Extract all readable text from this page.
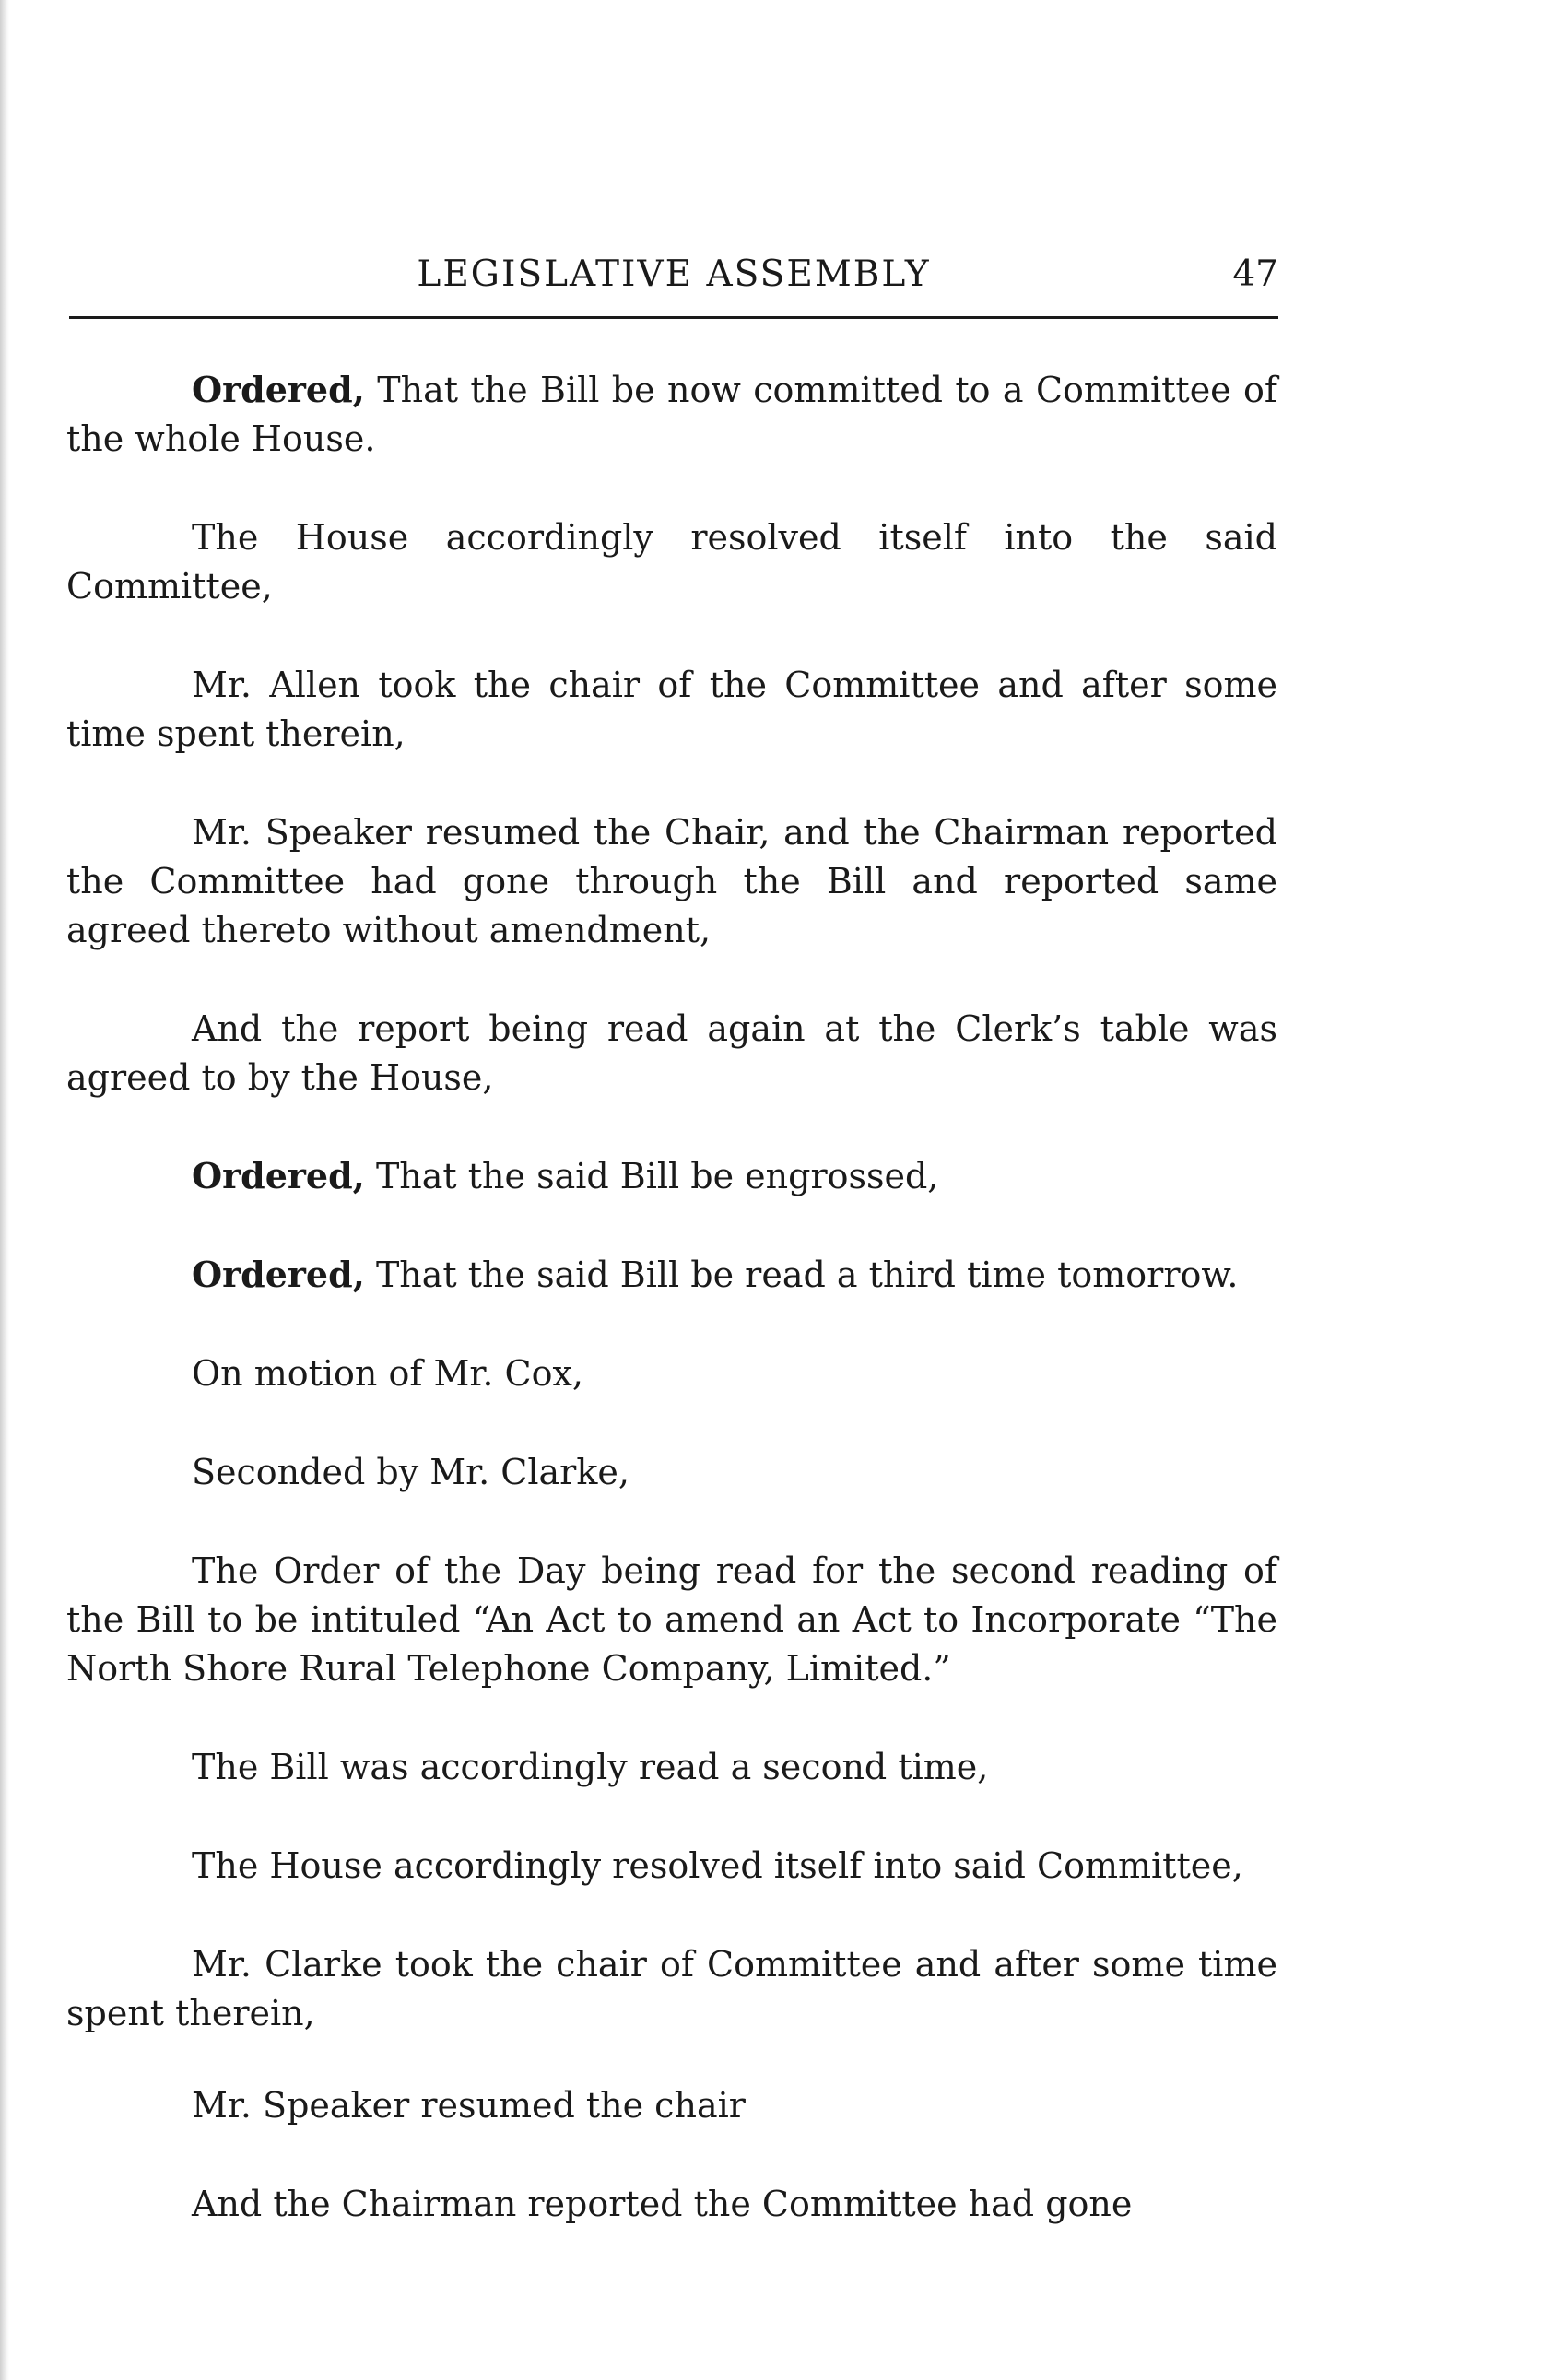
LEGISLATIVE ASSEMBLY	47

Ordered, That the Bill be now committed to a Committee of the whole House.

The House accordingly resolved itself into the said Committee,

Mr. Allen took the chair of the Committee and after some time spent therein,

Mr. Speaker resumed the Chair, and the Chairman reported the Committee had gone through the Bill and reported same agreed thereto without amendment,

And the report being read again at the Clerk’s table was agreed to by the House,

Ordered, That the said Bill be engrossed,

Ordered, That the said Bill be read a third time tomorrow.

On motion of Mr. Cox,

Seconded by Mr. Clarke,

The Order of the Day being read for the second reading of the Bill to be intituled “An Act to amend an Act to Incorporate “The North Shore Rural Telephone Company, Limited.”

The Bill was accordingly read a second time,

The House accordingly resolved itself into said Committee,

Mr. Clarke took the chair of Committee and after some time spent therein,

Mr. Speaker resumed the chair

And the Chairman reported the Committee had gone
